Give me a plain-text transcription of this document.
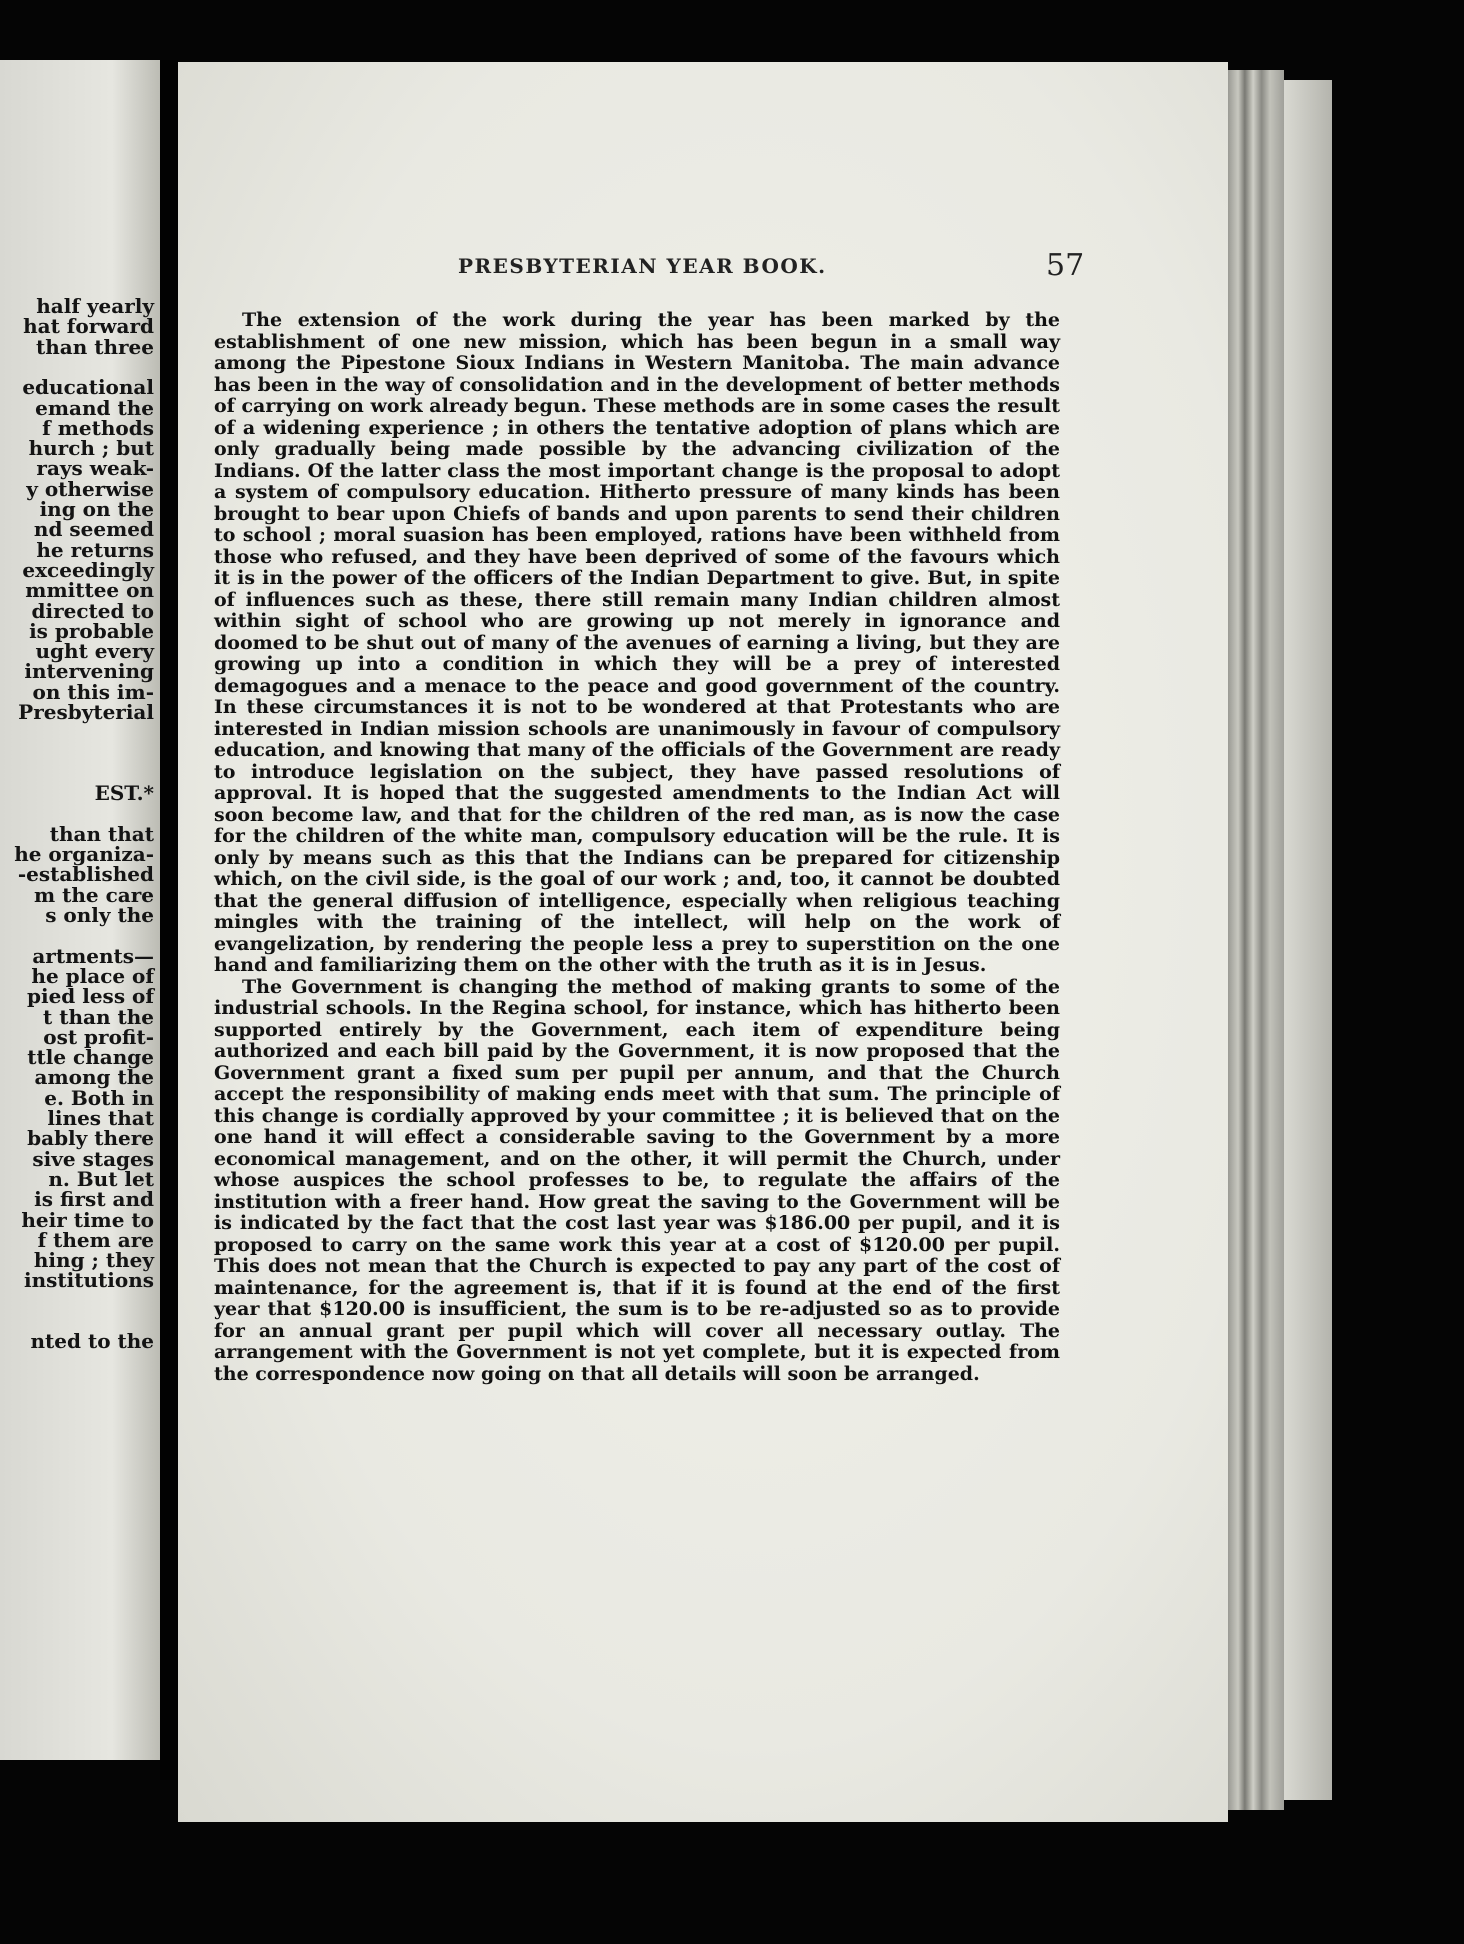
half yearly
hat forward
than three
educational
emand the
f methods
hurch ; but
rays weak-
y otherwise
ing on the
nd seemed
he returns
exceedingly
mmittee on
directed to
is probable
ught every
intervening
on this im-
Presbyterial
EST.*
than that
he organiza-
-established
m the care
s only the
artments—
he place of
pied less of
t than the
ost profit-
ttle change
among the
e. Both in
lines that
bably there
sive stages
n. But let
is first and
heir time to
f them are
hing ; they
institutions
nted to the
PRESBYTERIAN YEAR BOOK.	57

The extension of the work during the year has been marked by the establishment of one new mission, which has been begun in a small way among the Pipestone Sioux Indians in Western Manitoba. The main advance has been in the way of consolidation and in the development of better methods of carrying on work already begun. These methods are in some cases the result of a widening experience ; in others the tentative adoption of plans which are only gradually being made possible by the advancing civilization of the Indians. Of the latter class the most important change is the proposal to adopt a system of compulsory education. Hitherto pressure of many kinds has been brought to bear upon Chiefs of bands and upon parents to send their children to school ; moral suasion has been employed, rations have been withheld from those who refused, and they have been deprived of some of the favours which it is in the power of the officers of the Indian Department to give. But, in spite of influences such as these, there still remain many Indian children almost within sight of school who are growing up not merely in ignorance and doomed to be shut out of many of the avenues of earning a living, but they are growing up into a condition in which they will be a prey of interested demagogues and a menace to the peace and good government of the country. In these circumstances it is not to be wondered at that Protestants who are interested in Indian mission schools are unanimously in favour of compulsory education, and knowing that many of the officials of the Government are ready to introduce legislation on the subject, they have passed resolutions of approval. It is hoped that the suggested amendments to the Indian Act will soon become law, and that for the children of the red man, as is now the case for the children of the white man, compulsory education will be the rule. It is only by means such as this that the Indians can be prepared for citizenship which, on the civil side, is the goal of our work ; and, too, it cannot be doubted that the general diffusion of intelligence, especially when religious teaching mingles with the training of the intellect, will help on the work of evangelization, by rendering the people less a prey to superstition on the one hand and familiarizing them on the other with the truth as it is in Jesus.

The Government is changing the method of making grants to some of the industrial schools. In the Regina school, for instance, which has hitherto been supported entirely by the Government, each item of expenditure being authorized and each bill paid by the Government, it is now proposed that the Government grant a fixed sum per pupil per annum, and that the Church accept the responsibility of making ends meet with that sum. The principle of this change is cordially approved by your committee ; it is believed that on the one hand it will effect a considerable saving to the Government by a more economical management, and on the other, it will permit the Church, under whose auspices the school professes to be, to regulate the affairs of the institution with a freer hand. How great the saving to the Government will be is indicated by the fact that the cost last year was $186.00 per pupil, and it is proposed to carry on the same work this year at a cost of $120.00 per pupil. This does not mean that the Church is expected to pay any part of the cost of maintenance, for the agreement is, that if it is found at the end of the first year that $120.00 is insufficient, the sum is to be re-adjusted so as to provide for an annual grant per pupil which will cover all necessary outlay. The arrangement with the Government is not yet complete, but it is expected from the correspondence now going on that all details will soon be arranged.
